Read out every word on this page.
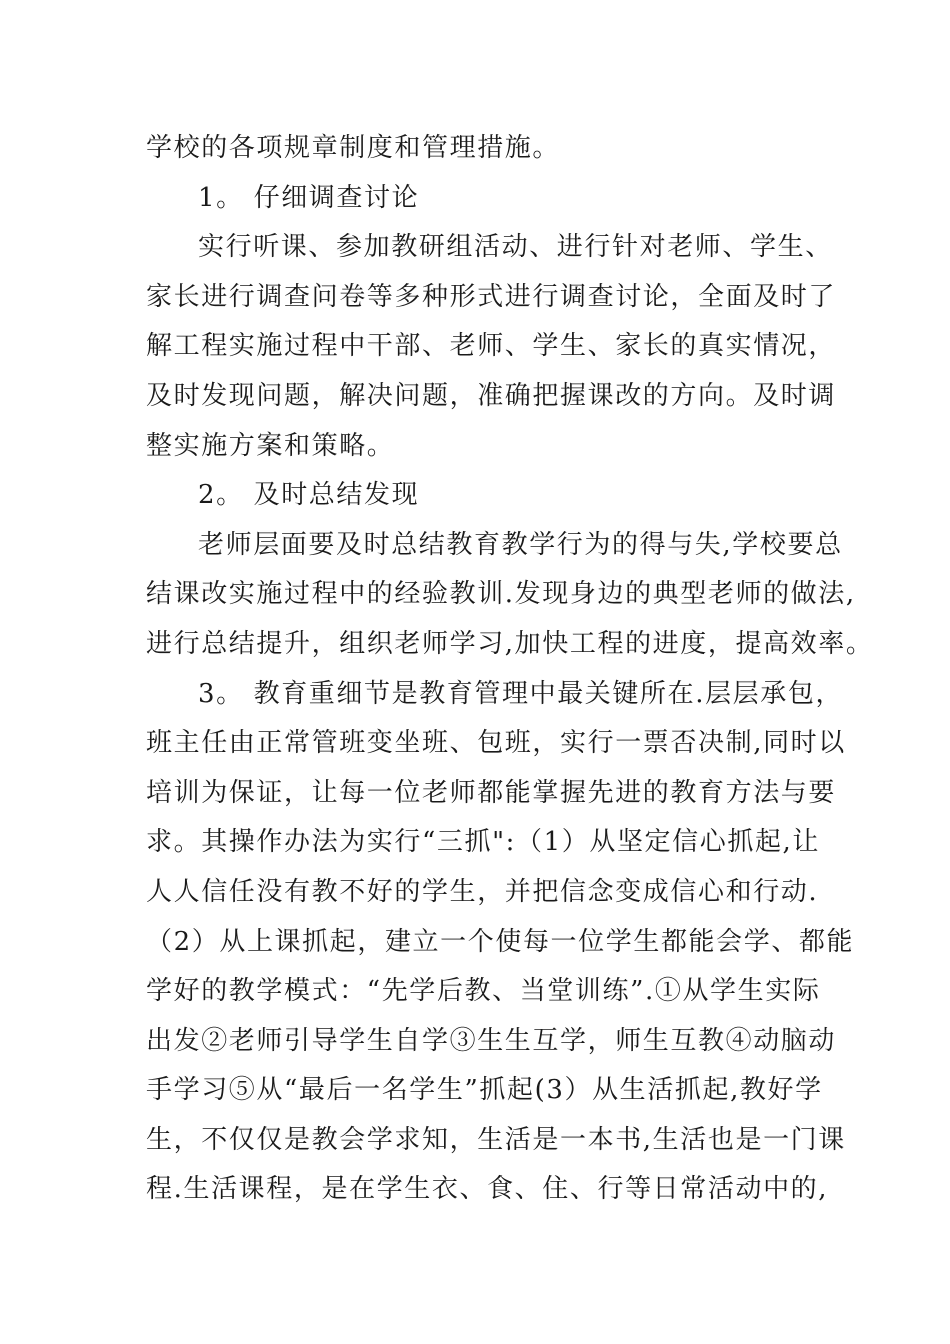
学校的各项规章制度和管理措施。
1。 仔细调查讨论
实行听课、参加教研组活动、进行针对老师、学生、
家长进行调查问卷等多种形式进行调查讨论，全面及时了
解工程实施过程中干部、老师、学生、家长的真实情况，
及时发现问题，解决问题，准确把握课改的方向。及时调
整实施方案和策略。
2。 及时总结发现
老师层面要及时总结教育教学行为的得与失,学校要总
结课改实施过程中的经验教训.发现身边的典型老师的做法,
进行总结提升，组织老师学习,加快工程的进度，提高效率。
3。 教育重细节是教育管理中最关键所在.层层承包，
班主任由正常管班变坐班、包班，实行一票否决制,同时以
培训为保证，让每一位老师都能掌握先进的教育方法与要
求。其操作办法为实行“三抓":（1）从坚定信心抓起,让
人人信任没有教不好的学生，并把信念变成信心和行动.
（2）从上课抓起，建立一个使每一位学生都能会学、都能
学好的教学模式：“先学后教、当堂训练”.①从学生实际
出发②老师引导学生自学③生生互学，师生互教④动脑动
手学习⑤从“最后一名学生”抓起(3）从生活抓起,教好学
生，不仅仅是教会学求知，生活是一本书,生活也是一门课
程.生活课程，是在学生衣、食、住、行等日常活动中的,
